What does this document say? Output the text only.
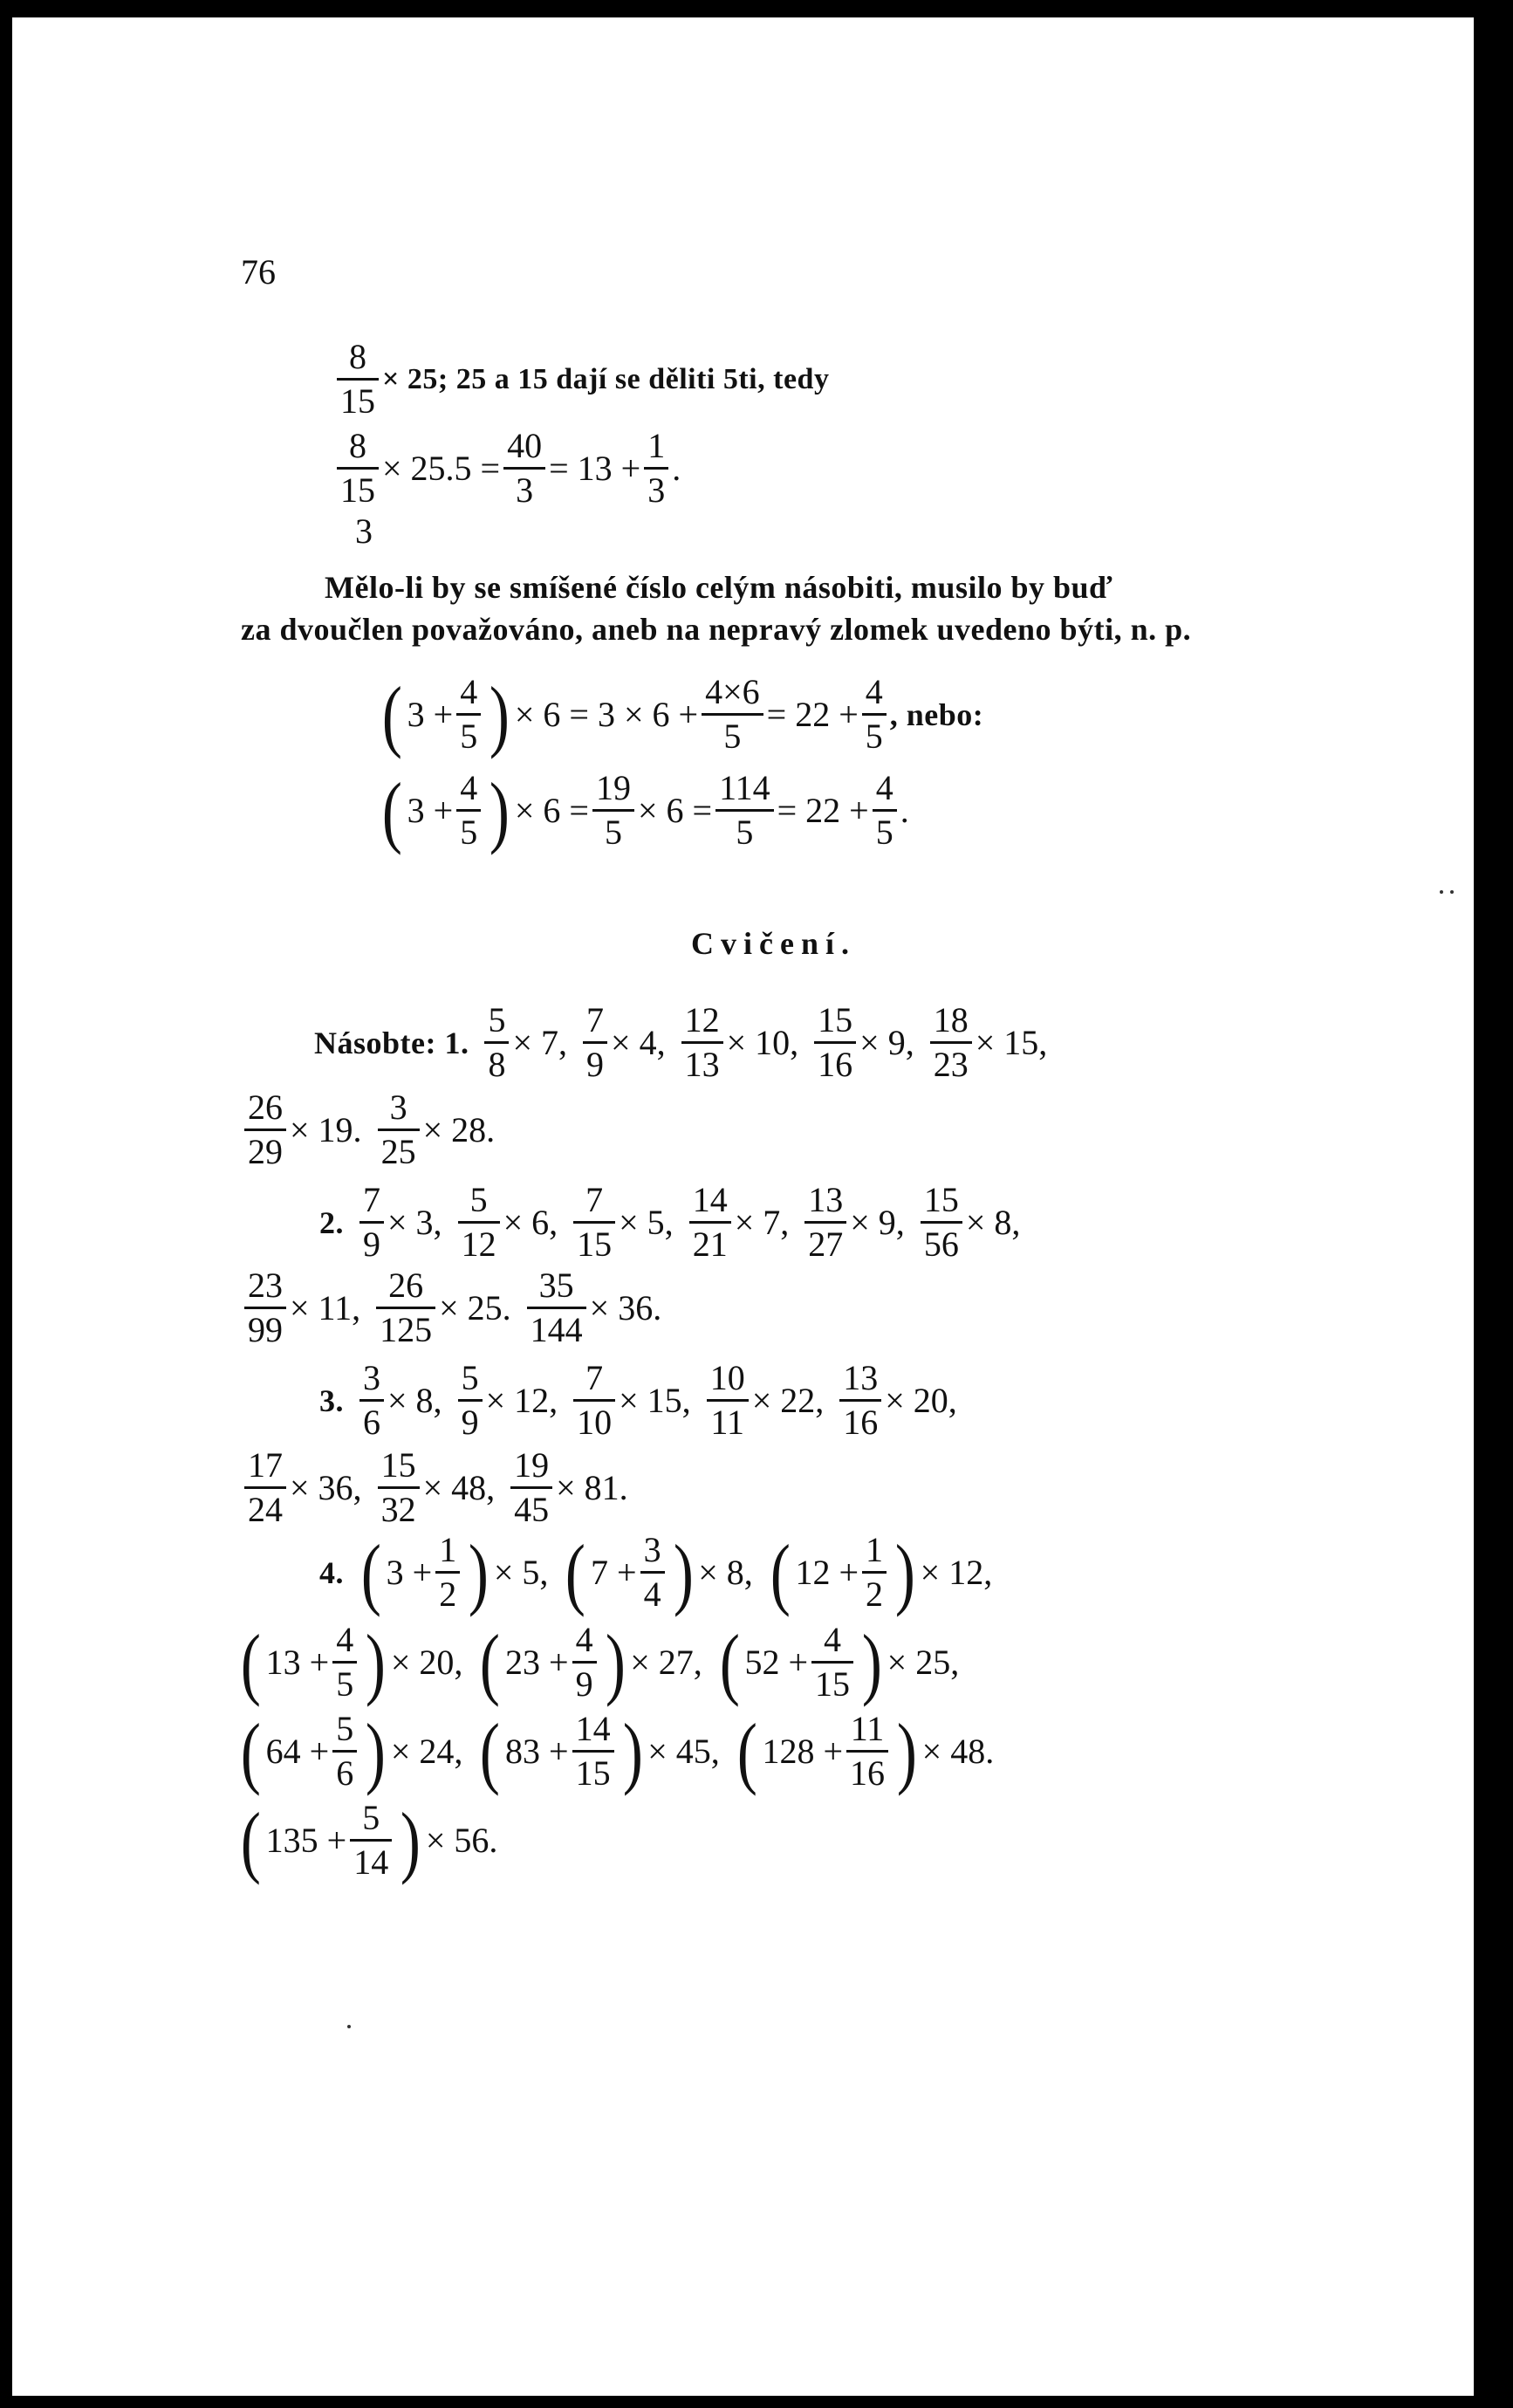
76
$\frac{8}{15} \times 25$; 25 a 15 dají se děliti 5ti, tedy
$\frac{8}{15} \times 25.5 = \frac{40}{3} = 13 + \frac{1}{3}$ .
3
Mělo-li by se smíšené číslo celým násobiti, musilo by buď
za dvoučlen považováno, aneb na nepravý zlomek uvedeno býti, n. p.
( $3 + \frac{4}{5}$ ) × $6 = 3 \times 6 + \frac{4\times 6}{5} = 22 + \frac{4}{5}$ , nebo:
( $3 + \frac{4}{5}$ ) × $6 = \frac{19}{5} \times 6 = \frac{114}{5} = 22 + \frac{4}{5}$ .
Cvičení.
Násobte: 1. $\frac{5}{8} \times 7$, $\frac{7}{9} \times 4$, $\frac{12}{13} \times 10$, $\frac{15}{16} \times 9$, $\frac{18}{23} \times 15$,
$\frac{26}{29} \times 19$. $\frac{3}{25} \times 28$.
2. $\frac{7}{9} \times 3$, $\frac{5}{12} \times 6$, $\frac{7}{15} \times 5$, $\frac{14}{21} \times 7$, $\frac{13}{27} \times 9$, $\frac{15}{56} \times 8$,
$\frac{23}{99} \times 11$, $\frac{26}{125} \times 25$. $\frac{35}{144} \times 36$.
3. $\frac{3}{6} \times 8$, $\frac{5}{9} \times 12$, $\frac{7}{10} \times 15$, $\frac{10}{11} \times 22$, $\frac{13}{16} \times 20$,
$\frac{17}{24} \times 36$, $\frac{15}{32} \times 48$, $\frac{19}{45} \times 81$.
4. ( $3 + \frac{1}{2}$ ) × 5, ( $7 + \frac{3}{4}$ ) × 8, ( $12 + \frac{1}{2}$ ) × 12,
( $13 + \frac{4}{5}$ ) × 20, ( $23 + \frac{4}{9}$ ) × 27, ( $52 + \frac{4}{15}$ ) × 25,
( $64 + \frac{5}{6}$ ) × 24, ( $83 + \frac{14}{15}$ ) × 45, ( $128 + \frac{11}{16}$ ) × 48.
( $135 + \frac{5}{14}$ ) × 56.
